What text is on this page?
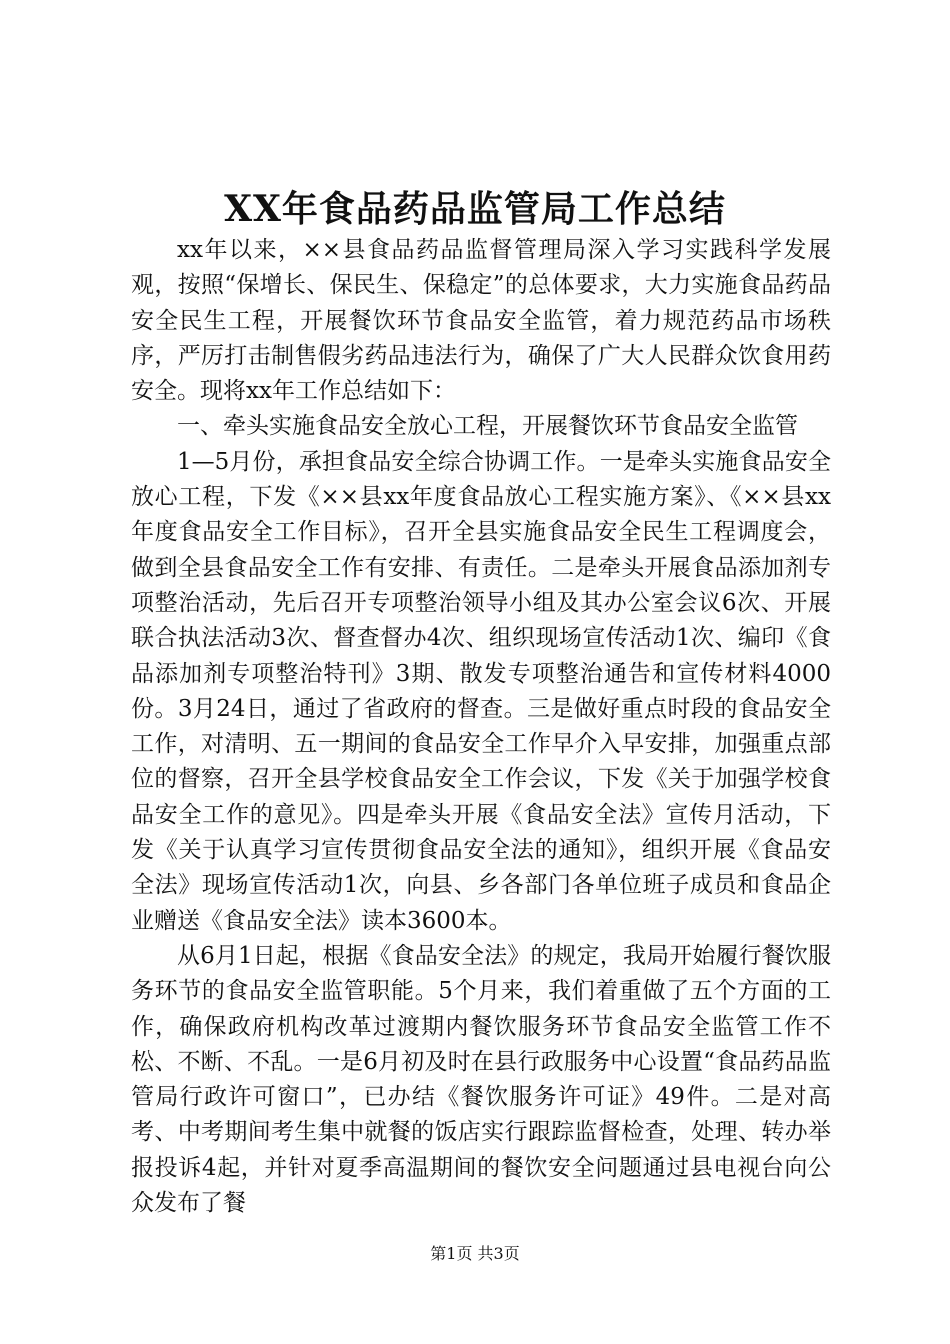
XX年食品药品监管局工作总结

xx年以来，××县食品药品监督管理局深入学习实践科学发展观，按照“保增长、保民生、保稳定”的总体要求，大力实施食品药品安全民生工程，开展餐饮环节食品安全监管，着力规范药品市场秩序，严厉打击制售假劣药品违法行为，确保了广大人民群众饮食用药安全。现将xx年工作总结如下：

一、牵头实施食品安全放心工程，开展餐饮环节食品安全监管

1—5月份，承担食品安全综合协调工作。一是牵头实施食品安全放心工程，下发《××县xx年度食品放心工程实施方案》、《××县xx年度食品安全工作目标》，召开全县实施食品安全民生工程调度会，做到全县食品安全工作有安排、有责任。二是牵头开展食品添加剂专项整治活动，先后召开专项整治领导小组及其办公室会议6次、开展联合执法活动3次、督查督办4次、组织现场宣传活动1次、编印《食品添加剂专项整治特刊》3期、散发专项整治通告和宣传材料4000份。3月24日，通过了省政府的督查。三是做好重点时段的食品安全工作，对清明、五一期间的食品安全工作早介入早安排，加强重点部位的督察，召开全县学校食品安全工作会议，下发《关于加强学校食品安全工作的意见》。四是牵头开展《食品安全法》宣传月活动，下发《关于认真学习宣传贯彻食品安全法的通知》，组织开展《食品安全法》现场宣传活动1次，向县、乡各部门各单位班子成员和食品企业赠送《食品安全法》读本3600本。

从6月1日起，根据《食品安全法》的规定，我局开始履行餐饮服务环节的食品安全监管职能。5个月来，我们着重做了五个方面的工作，确保政府机构改革过渡期内餐饮服务环节食品安全监管工作不松、不断、不乱。一是6月初及时在县行政服务中心设置“食品药品监管局行政许可窗口”，已办结《餐饮服务许可证》49件。二是对高考、中考期间考生集中就餐的饭店实行跟踪监督检查，处理、转办举报投诉4起，并针对夏季高温期间的餐饮安全问题通过县电视台向公众发布了餐

第1页 共3页
